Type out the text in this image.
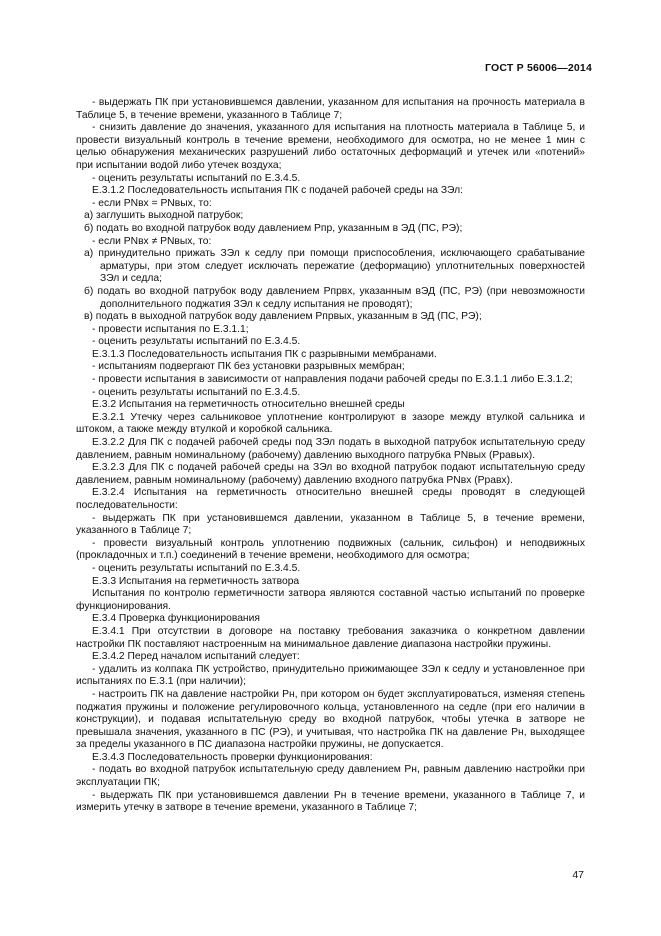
ГОСТ Р 56006—2014

- выдержать ПК при установившемся давлении, указанном для испытания на прочность материала в Таблице 5, в течение времени, указанного в Таблице 7;

- снизить давление до значения, указанного для испытания на плотность материала в Таблице 5, и провести визуальный контроль в течение времени, необходимого для осмотра, но не менее 1 мин с целью обнаружения механических разрушений либо остаточных деформаций и утечек или «потений» при испытании водой либо утечек воздуха;

- оценить результаты испытаний по Е.3.4.5.

Е.3.1.2 Последовательность испытания ПК с подачей рабочей среды на ЗЭл:

- если PNвх = PNвых, то:

а) заглушить выходной патрубок;

б) подать во входной патрубок воду давлением Рпр, указанным в ЭД (ПС, РЭ);

- если PNвх ≠ PNвых, то:

а) принудительно прижать ЗЭл к седлу при помощи приспособления, исключающего срабатывание арматуры, при этом следует исключать пережатие (деформацию) уплотнительных поверхностей ЗЭл и седла;

б) подать во входной патрубок воду давлением Рпрвх, указанным вЭД (ПС, РЭ) (при невозможности дополнительного поджатия ЗЭл к седлу испытания не проводят);

в) подать в выходной патрубок воду давлением Рпрвых, указанным в ЭД (ПС, РЭ);

- провести испытания по Е.3.1.1;

- оценить результаты испытаний по Е.3.4.5.

Е.3.1.3 Последовательность испытания ПК с разрывными мембранами.

- испытаниям подвергают ПК без установки разрывных мембран;

- провести испытания в зависимости от направления подачи рабочей среды по Е.3.1.1 либо Е.3.1.2;

- оценить результаты испытаний по Е.3.4.5.

Е.3.2 Испытания на герметичность относительно внешней среды

Е.3.2.1 Утечку через сальниковое уплотнение контролируют в зазоре между втулкой сальника и штоком, а также между втулкой и коробкой сальника.

Е.3.2.2 Для ПК с подачей рабочей среды под ЗЭл подать в выходной патрубок испытательную среду давлением, равным номинальному (рабочему) давлению выходного патрубка PNвых (Рравых).

Е.3.2.3 Для ПК с подачей рабочей среды на ЗЭл во входной патрубок подают испытательную среду давлением, равным номинальному (рабочему) давлению входного патрубка PNвх (Рравх).

Е.3.2.4 Испытания на герметичность относительно внешней среды проводят в следующей последовательности:

- выдержать ПК при установившемся давлении, указанном в Таблице 5, в течение времени, указанного в Таблице 7;

- провести визуальный контроль уплотнению подвижных (сальник, сильфон) и неподвижных (прокладочных и т.п.) соединений в течение времени, необходимого для осмотра;

- оценить результаты испытаний по Е.3.4.5.

Е.3.3 Испытания на герметичность затвора

Испытания по контролю герметичности затвора являются составной частью испытаний по проверке функционирования.

Е.3.4 Проверка функционирования

Е.3.4.1 При отсутствии в договоре на поставку требования заказчика о конкретном давлении настройки ПК поставляют настроенным на минимальное давление диапазона настройки пружины.

Е.3.4.2 Перед началом испытаний следует:

- удалить из колпака ПК устройство, принудительно прижимающее ЗЭл к седлу и установленное при испытаниях по Е.3.1 (при наличии);

- настроить ПК на давление настройки Рн, при котором он будет эксплуатироваться, изменяя степень поджатия пружины и положение регулировочного кольца, установленного на седле (при его наличии в конструкции), и подавая испытательную среду во входной патрубок, чтобы утечка в затворе не превышала значения, указанного в ПС (РЭ), и учитывая, что настройка ПК на давление Рн, выходящее за пределы указанного в ПС диапазона настройки пружины, не допускается.

Е.3.4.3 Последовательность проверки функционирования:

- подать во входной патрубок испытательную среду давлением Рн, равным давлению настройки при эксплуатации ПК;

- выдержать ПК при установившемся давлении Рн в течение времени, указанного в Таблице 7, и измерить утечку в затворе в течение времени, указанного в Таблице 7;

47
